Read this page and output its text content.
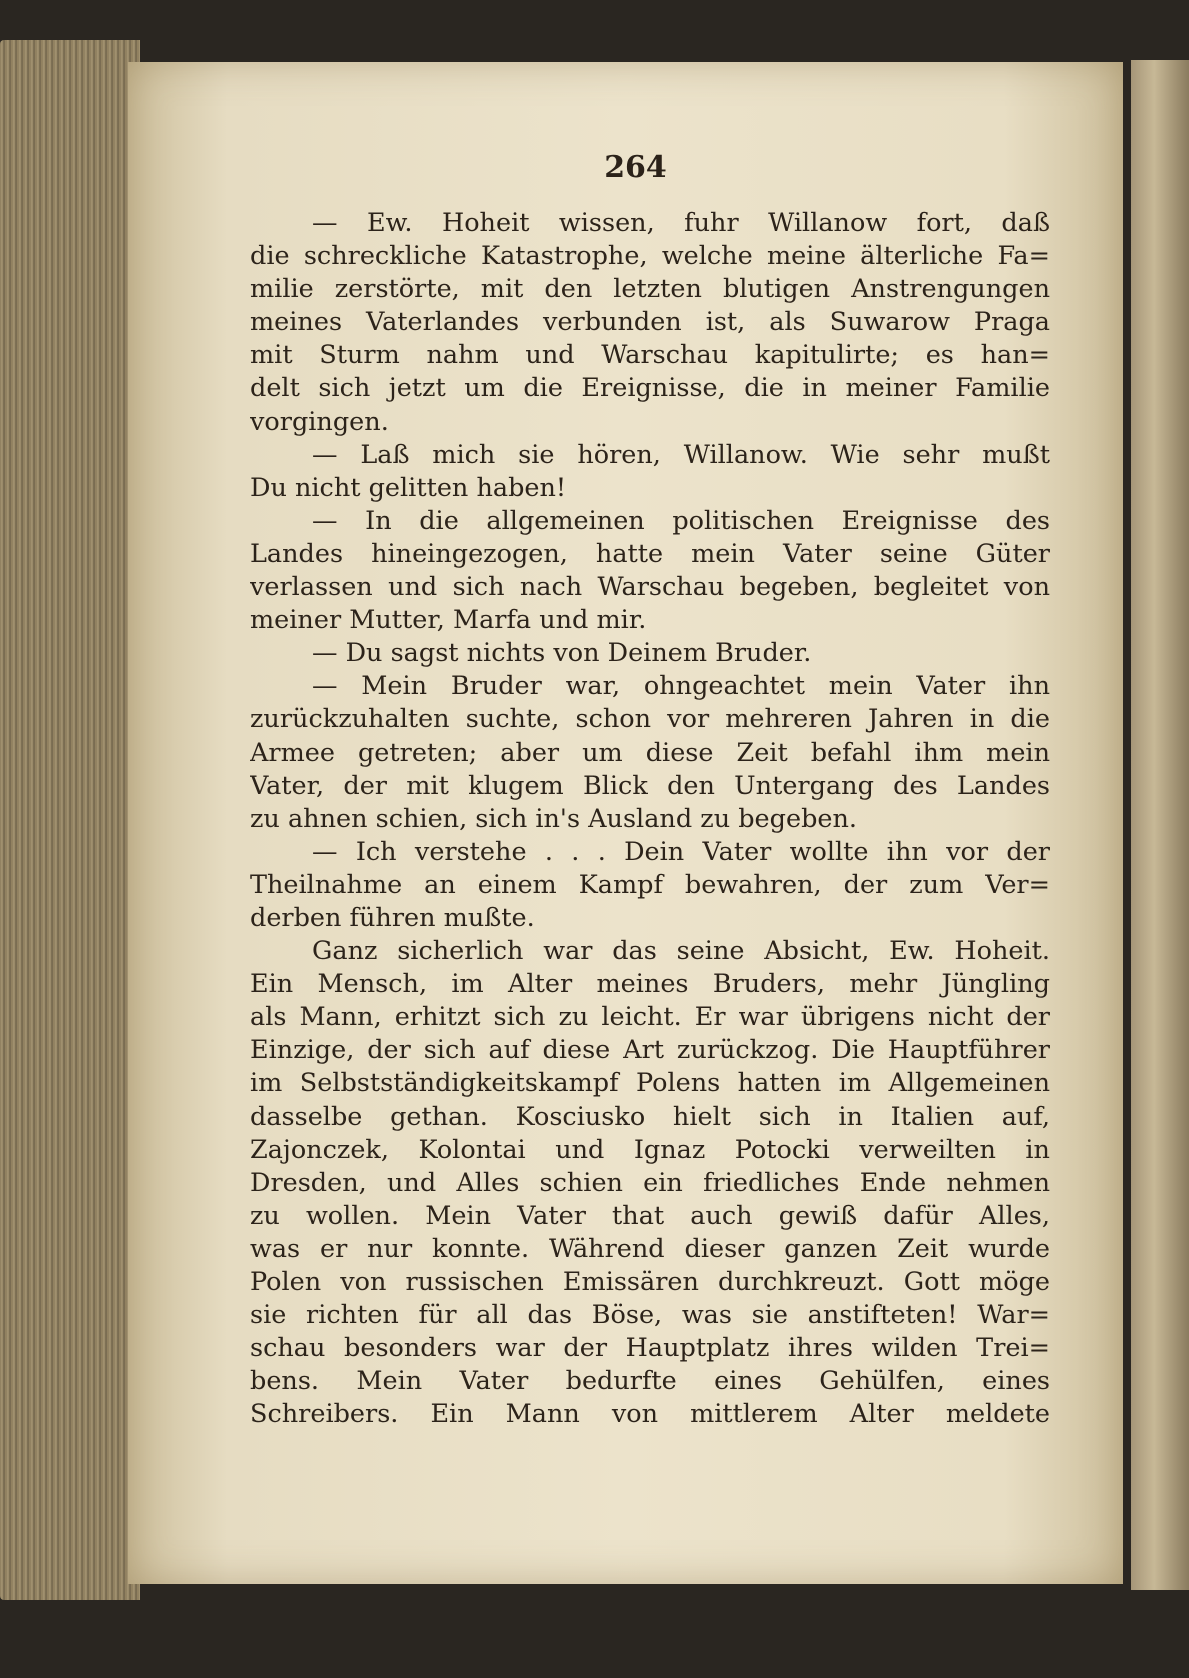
264
— Ew. Hoheit wissen, fuhr Willanow fort, daß
die schreckliche Katastrophe, welche meine älterliche Fa=
milie zerstörte, mit den letzten blutigen Anstrengungen
meines Vaterlandes verbunden ist, als Suwarow Praga
mit Sturm nahm und Warschau kapitulirte; es han=
delt sich jetzt um die Ereignisse, die in meiner Familie
vorgingen.
— Laß mich sie hören, Willanow. Wie sehr mußt
Du nicht gelitten haben!
— In die allgemeinen politischen Ereignisse des
Landes hineingezogen, hatte mein Vater seine Güter
verlassen und sich nach Warschau begeben, begleitet von
meiner Mutter, Marfa und mir.
— Du sagst nichts von Deinem Bruder.
— Mein Bruder war, ohngeachtet mein Vater ihn
zurückzuhalten suchte, schon vor mehreren Jahren in die
Armee getreten; aber um diese Zeit befahl ihm mein
Vater, der mit klugem Blick den Untergang des Landes
zu ahnen schien, sich in's Ausland zu begeben.
— Ich verstehe . . . Dein Vater wollte ihn vor der
Theilnahme an einem Kampf bewahren, der zum Ver=
derben führen mußte.
Ganz sicherlich war das seine Absicht, Ew. Hoheit.
Ein Mensch, im Alter meines Bruders, mehr Jüngling
als Mann, erhitzt sich zu leicht. Er war übrigens nicht der
Einzige, der sich auf diese Art zurückzog. Die Hauptführer
im Selbstständigkeitskampf Polens hatten im Allgemeinen
dasselbe gethan. Kosciusko hielt sich in Italien auf,
Zajonczek, Kolontai und Ignaz Potocki verweilten in
Dresden, und Alles schien ein friedliches Ende nehmen
zu wollen. Mein Vater that auch gewiß dafür Alles,
was er nur konnte. Während dieser ganzen Zeit wurde
Polen von russischen Emissären durchkreuzt. Gott möge
sie richten für all das Böse, was sie anstifteten! War=
schau besonders war der Hauptplatz ihres wilden Trei=
bens. Mein Vater bedurfte eines Gehülfen, eines
Schreibers. Ein Mann von mittlerem Alter meldete
